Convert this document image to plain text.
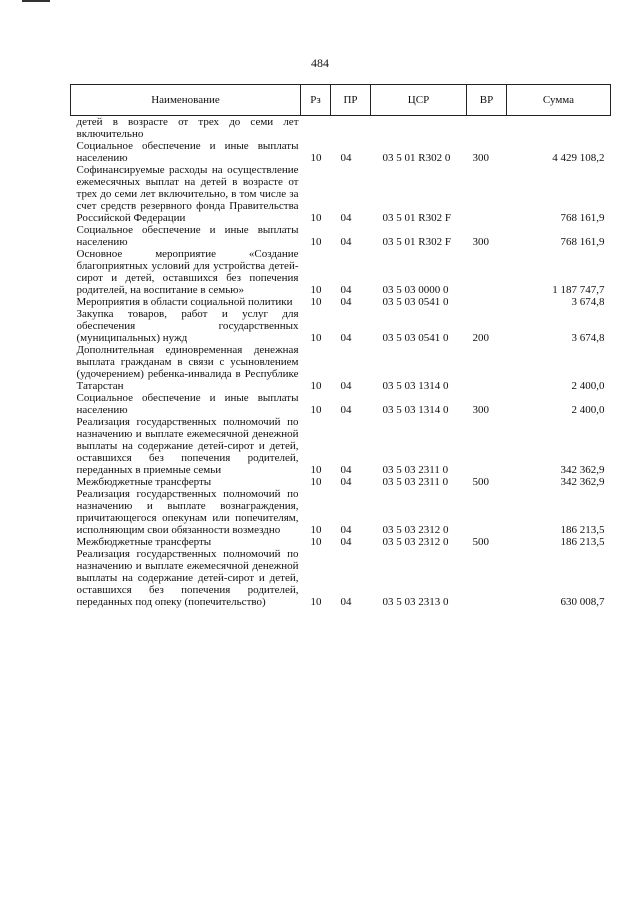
484
Наименование	Рз	ПР	ЦСР	ВР	Сумма
детей в возрасте от трех до семи лет включительно					
Социальное обеспечение и иные выплаты населению	10	04	03 5 01 R302 0	300	4 429 108,2
Софинансируемые расходы на осуществление ежемесячных выплат на детей в возрасте от трех до семи лет включительно, в том числе за счет средств резервного фонда Правительства Российской Федерации	10	04	03 5 01 R302 F		768 161,9
Социальное обеспечение и иные выплаты населению	10	04	03 5 01 R302 F	300	768 161,9
Основное мероприятие «Создание благоприятных условий для устройства детей-сирот и детей, оставшихся без попечения родителей, на воспитание в семью»	10	04	03 5 03 0000 0		1 187 747,7
Мероприятия в области социальной политики	10	04	03 5 03 0541 0		3 674,8
Закупка товаров, работ и услуг для обеспечения государственных (муниципальных) нужд	10	04	03 5 03 0541 0	200	3 674,8
Дополнительная единовременная денежная выплата гражданам в связи с усыновлением (удочерением) ребенка-инвалида в Республике Татарстан	10	04	03 5 03 1314 0		2 400,0
Социальное обеспечение и иные выплаты населению	10	04	03 5 03 1314 0	300	2 400,0
Реализация государственных полномочий по назначению и выплате ежемесячной денежной выплаты на содержание детей-сирот и детей, оставшихся без попечения родителей, переданных в приемные семьи	10	04	03 5 03 2311 0		342 362,9
Межбюджетные трансферты	10	04	03 5 03 2311 0	500	342 362,9
Реализация государственных полномочий по назначению и выплате вознаграждения, причитающегося опекунам или попечителям, исполняющим свои обязанности возмездно	10	04	03 5 03 2312 0		186 213,5
Межбюджетные трансферты	10	04	03 5 03 2312 0	500	186 213,5
Реализация государственных полномочий по назначению и выплате ежемесячной денежной выплаты на содержание детей-сирот и детей, оставшихся без попечения родителей, переданных под опеку (попечительство)	10	04	03 5 03 2313 0		630 008,7
